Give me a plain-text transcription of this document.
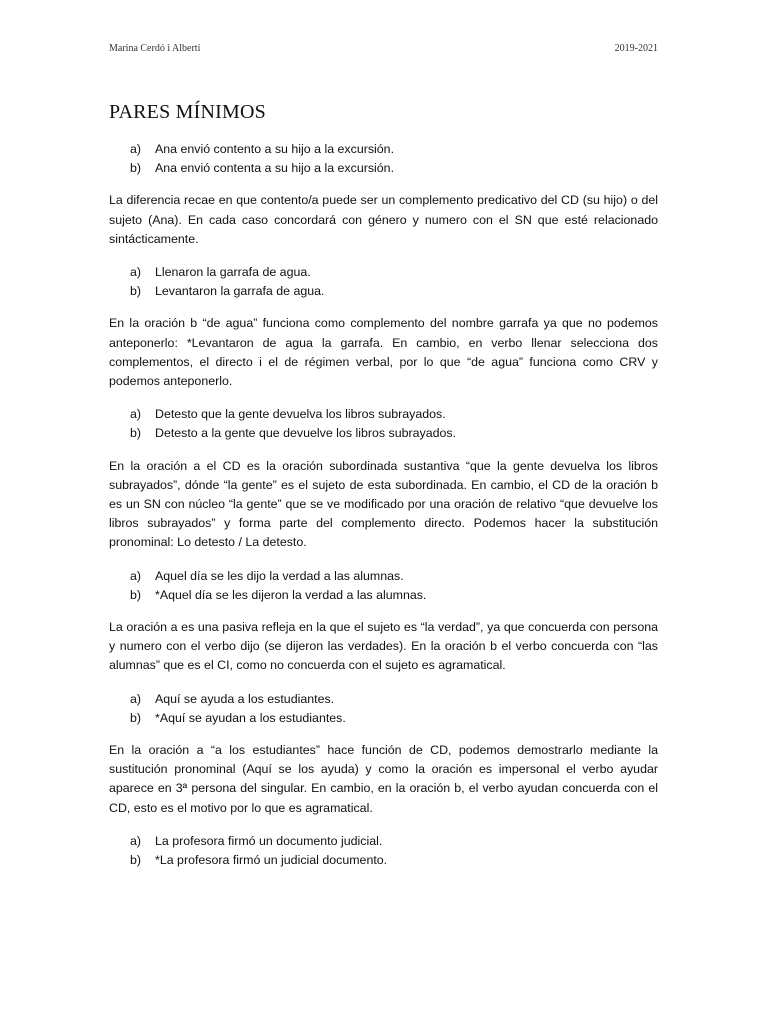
Marina Cerdó i Albertí	2019-2021
PARES MÍNIMOS
a)	Ana envió contento a su hijo a la excursión.
b)	Ana envió contenta a su hijo a la excursión.

La diferencia recae en que contento/a puede ser un complemento predicativo del CD (su hijo) o del sujeto (Ana). En cada caso concordará con género y numero con el SN que esté relacionado sintácticamente.

a)	Llenaron la garrafa de agua.
b)	Levantaron la garrafa de agua.

En la oración b “de agua” funciona como complemento del nombre garrafa ya que no podemos anteponerlo: *Levantaron de agua la garrafa. En cambio, en verbo llenar selecciona dos complementos, el directo i el de régimen verbal, por lo que “de agua” funciona como CRV y podemos anteponerlo.

a)	Detesto que la gente devuelva los libros subrayados.
b)	Detesto a la gente que devuelve los libros subrayados.

En la oración a el CD es la oración subordinada sustantiva “que la gente devuelva los libros subrayados”, dónde “la gente” es el sujeto de esta subordinada. En cambio, el CD de la oración b es un SN con núcleo “la gente” que se ve modificado por una oración de relativo “que devuelve los libros subrayados” y forma parte del complemento directo. Podemos hacer la substitución pronominal: Lo detesto / La detesto.

a)	Aquel día se les dijo la verdad a las alumnas.
b)	*Aquel día se les dijeron la verdad a las alumnas.

La oración a es una pasiva refleja en la que el sujeto es “la verdad”, ya que concuerda con persona y numero con el verbo dijo (se dijeron las verdades). En la oración b el verbo concuerda con “las alumnas” que es el CI, como no concuerda con el sujeto es agramatical.

a)	Aquí se ayuda a los estudiantes.
b)	*Aquí se ayudan a los estudiantes.

En la oración a “a los estudiantes” hace función de CD, podemos demostrarlo mediante la sustitución pronominal (Aquí se los ayuda) y como la oración es impersonal el verbo ayudar aparece en 3ª persona del singular. En cambio, en la oración b, el verbo ayudan concuerda con el CD, esto es el motivo por lo que es agramatical.

a)	La profesora firmó un documento judicial.
b)	*La profesora firmó un judicial documento.
